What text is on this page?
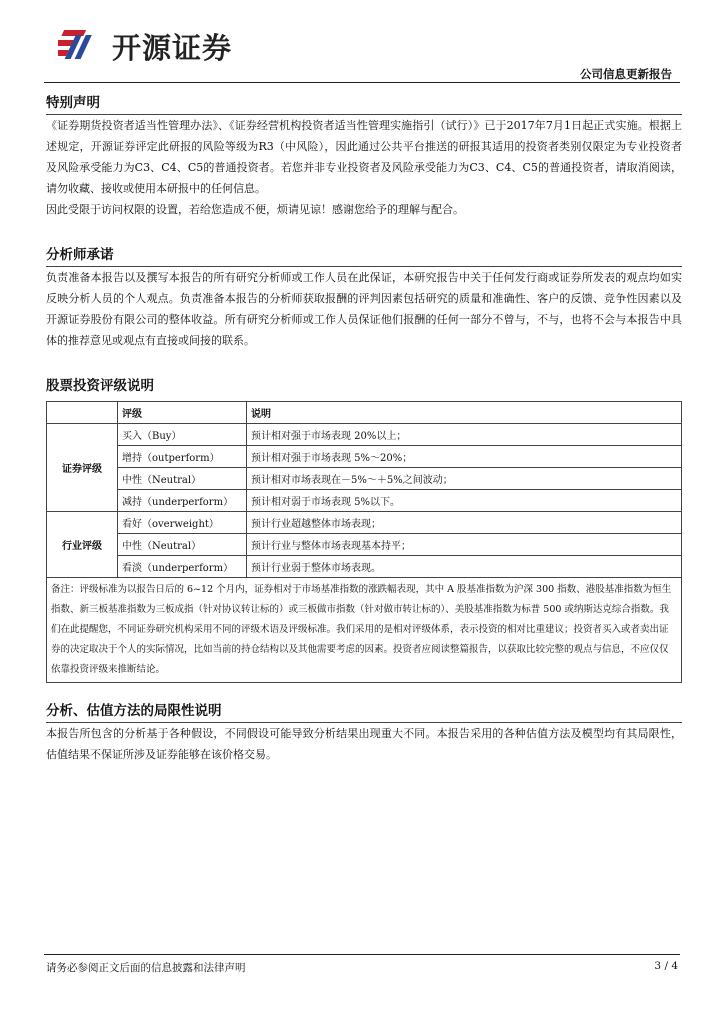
开源证券
公司信息更新报告
特别声明

《证券期货投资者适当性管理办法》、《证券经营机构投资者适当性管理实施指引（试行）》已于2017年7月1日起正式实施。根据上述规定，开源证券评定此研报的风险等级为R3（中风险），因此通过公共平台推送的研报其适用的投资者类别仅限定为专业投资者及风险承受能力为C3、C4、C5的普通投资者。若您并非专业投资者及风险承受能力为C3、C4、C5的普通投资者，请取消阅读，请勿收藏、接收或使用本研报中的任何信息。

因此受限于访问权限的设置，若给您造成不便，烦请见谅！感谢您给予的理解与配合。

分析师承诺

负责准备本报告以及撰写本报告的所有研究分析师或工作人员在此保证，本研究报告中关于任何发行商或证券所发表的观点均如实反映分析人员的个人观点。负责准备本报告的分析师获取报酬的评判因素包括研究的质量和准确性、客户的反馈、竞争性因素以及开源证券股份有限公司的整体收益。所有研究分析师或工作人员保证他们报酬的任何一部分不曾与，不与，也将不会与本报告中具体的推荐意见或观点有直接或间接的联系。

股票投资评级说明
	评级	说明
证券评级	买入（Buy）	预计相对强于市场表现 20%以上；
	增持（outperform）	预计相对强于市场表现 5%～20%；
	中性（Neutral）	预计相对市场表现在－5%～＋5%之间波动；
	减持（underperform）	预计相对弱于市场表现 5%以下。
行业评级	看好（overweight）	预计行业超越整体市场表现；
	中性（Neutral）	预计行业与整体市场表现基本持平；
	看淡（underperform）	预计行业弱于整体市场表现。
备注：评级标准为以报告日后的 6~12 个月内，证券相对于市场基准指数的涨跌幅表现，其中 A 股基准指数为沪深 300 指数、港股基准指数为恒生指数、新三板基准指数为三板成指（针对协议转让标的）或三板做市指数（针对做市转让标的）、美股基准指数为标普 500 或纳斯达克综合指数。我们在此提醒您，不同证券研究机构采用不同的评级术语及评级标准。我们采用的是相对评级体系，表示投资的相对比重建议；投资者买入或者卖出证券的决定取决于个人的实际情况，比如当前的持仓结构以及其他需要考虑的因素。投资者应阅读整篇报告，以获取比较完整的观点与信息，不应仅仅依靠投资评级来推断结论。		
分析、估值方法的局限性说明

本报告所包含的分析基于各种假设，不同假设可能导致分析结果出现重大不同。本报告采用的各种估值方法及模型均有其局限性，估值结果不保证所涉及证券能够在该价格交易。

请务必参阅正文后面的信息披露和法律声明	3 / 4
